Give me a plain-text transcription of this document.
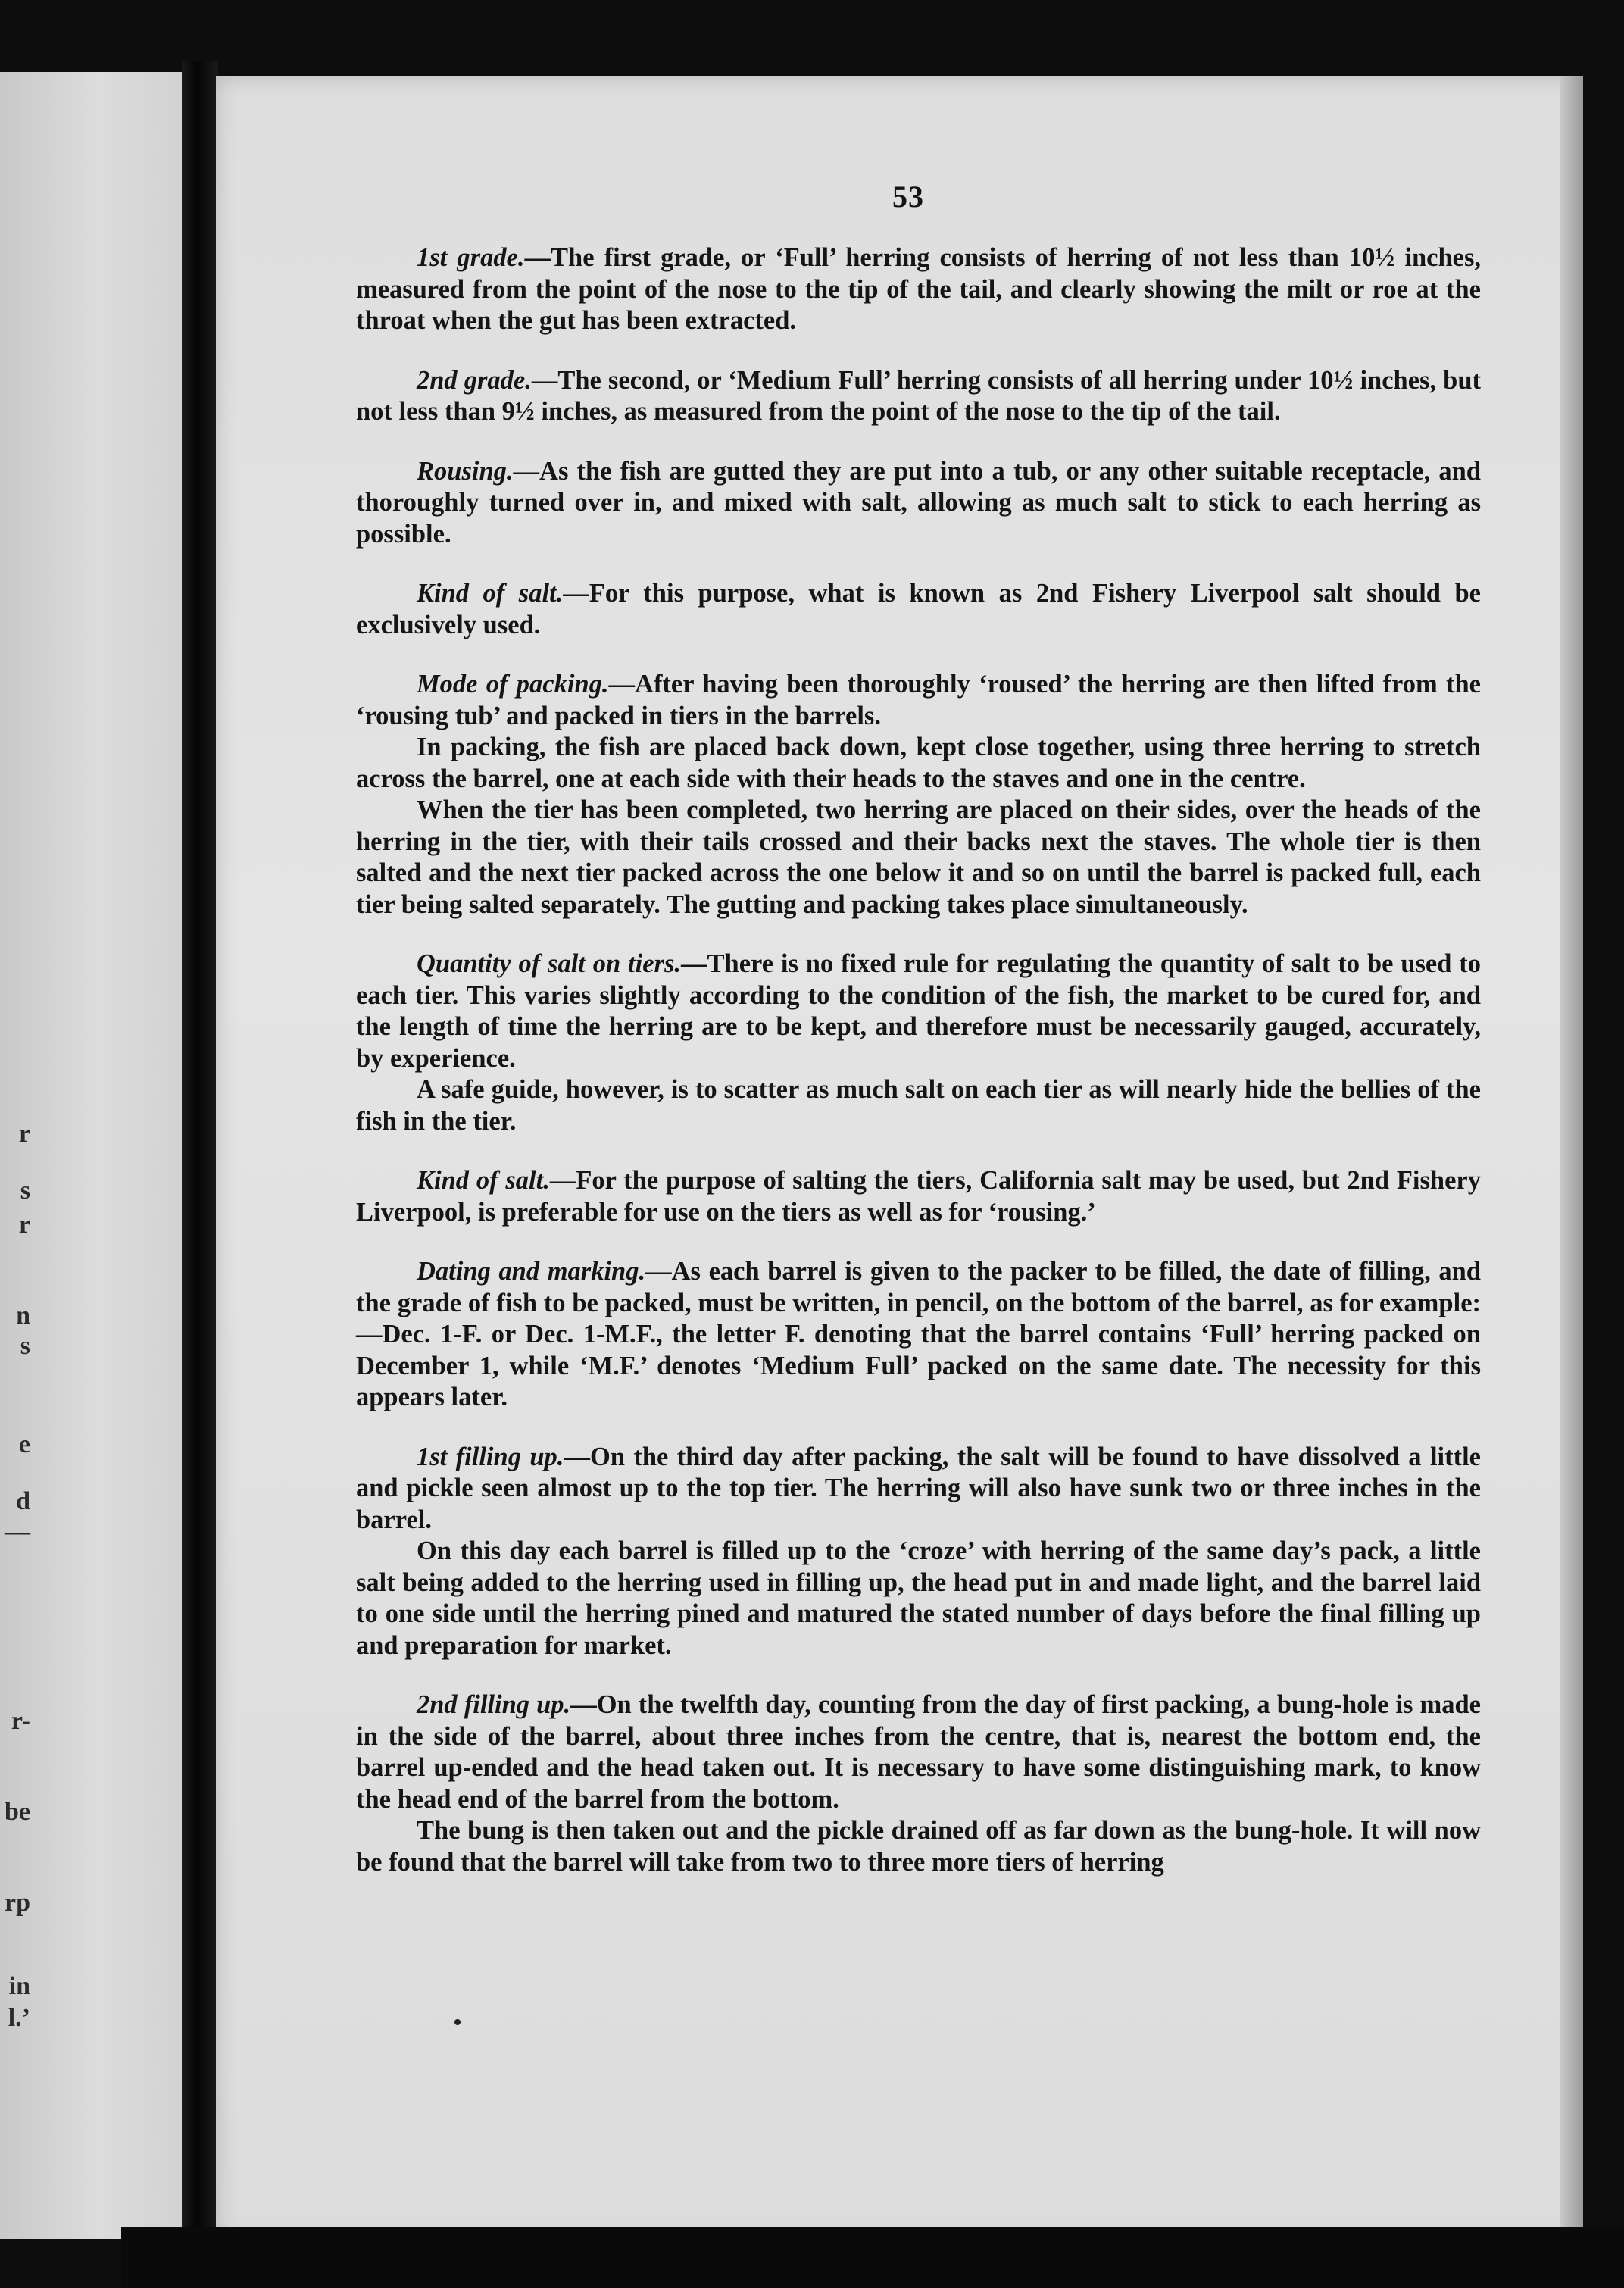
r
s
r
n
s
e
d
—
r-
be
rp
in
l.’
53

1st grade.—The first grade, or ‘Full’ herring consists of herring of not less than 10½ inches, measured from the point of the nose to the tip of the tail, and clearly showing the milt or roe at the throat when the gut has been extracted.

2nd grade.—The second, or ‘Medium Full’ herring consists of all herring under 10½ inches, but not less than 9½ inches, as measured from the point of the nose to the tip of the tail.

Rousing.—As the fish are gutted they are put into a tub, or any other suitable receptacle, and thoroughly turned over in, and mixed with salt, allowing as much salt to stick to each herring as possible.

Kind of salt.—For this purpose, what is known as 2nd Fishery Liverpool salt should be exclusively used.

Mode of packing.—After having been thoroughly ‘roused’ the herring are then lifted from the ‘rousing tub’ and packed in tiers in the barrels.

In packing, the fish are placed back down, kept close together, using three herring to stretch across the barrel, one at each side with their heads to the staves and one in the centre.

When the tier has been completed, two herring are placed on their sides, over the heads of the herring in the tier, with their tails crossed and their backs next the staves. The whole tier is then salted and the next tier packed across the one below it and so on until the barrel is packed full, each tier being salted separately. The gutting and packing takes place simultaneously.

Quantity of salt on tiers.—There is no fixed rule for regulating the quantity of salt to be used to each tier. This varies slightly according to the condition of the fish, the market to be cured for, and the length of time the herring are to be kept, and therefore must be necessarily gauged, accurately, by experience.

A safe guide, however, is to scatter as much salt on each tier as will nearly hide the bellies of the fish in the tier.

Kind of salt.—For the purpose of salting the tiers, California salt may be used, but 2nd Fishery Liverpool, is preferable for use on the tiers as well as for ‘rousing.’

Dating and marking.—As each barrel is given to the packer to be filled, the date of filling, and the grade of fish to be packed, must be written, in pencil, on the bottom of the barrel, as for example:—Dec. 1-F. or Dec. 1-M.F., the letter F. denoting that the barrel contains ‘Full’ herring packed on December 1, while ‘M.F.’ denotes ‘Medium Full’ packed on the same date. The necessity for this appears later.

1st filling up.—On the third day after packing, the salt will be found to have dissolved a little and pickle seen almost up to the top tier. The herring will also have sunk two or three inches in the barrel.

On this day each barrel is filled up to the ‘croze’ with herring of the same day’s pack, a little salt being added to the herring used in filling up, the head put in and made light, and the barrel laid to one side until the herring pined and matured the stated number of days before the final filling up and preparation for market.

2nd filling up.—On the twelfth day, counting from the day of first packing, a bung-hole is made in the side of the barrel, about three inches from the centre, that is, nearest the bottom end, the barrel up-ended and the head taken out. It is necessary to have some distinguishing mark, to know the head end of the barrel from the bottom.

The bung is then taken out and the pickle drained off as far down as the bung-hole. It will now be found that the barrel will take from two to three more tiers of herring
